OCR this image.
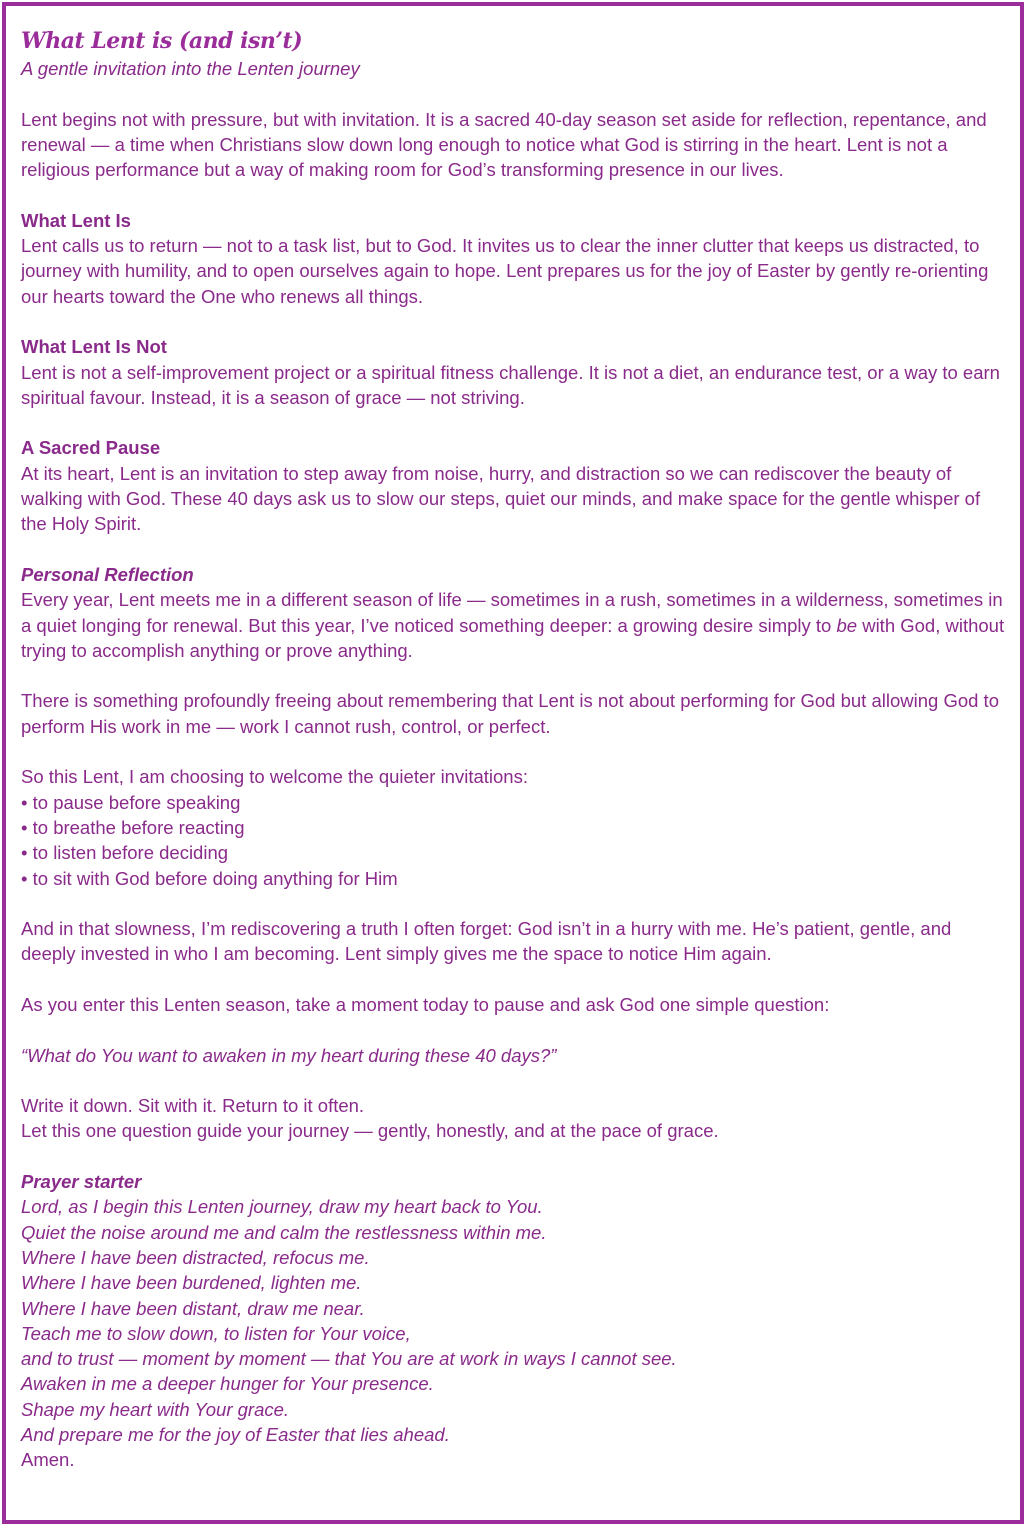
What Lent is (and isn’t)

A gentle invitation into the Lenten journey

Lent begins not with pressure, but with invitation. It is a sacred 40-day season set aside for reflection, repentance, and renewal — a time when Christians slow down long enough to notice what God is stirring in the heart. Lent is not a religious performance but a way of making room for God’s transforming presence in our lives.

What Lent Is

Lent calls us to return — not to a task list, but to God. It invites us to clear the inner clutter that keeps us distracted, to journey with humility, and to open ourselves again to hope. Lent prepares us for the joy of Easter by gently re-orienting our hearts toward the One who renews all things.

What Lent Is Not

Lent is not a self-improvement project or a spiritual fitness challenge. It is not a diet, an endurance test, or a way to earn spiritual favour. Instead, it is a season of grace — not striving.

A Sacred Pause

At its heart, Lent is an invitation to step away from noise, hurry, and distraction so we can rediscover the beauty of walking with God. These 40 days ask us to slow our steps, quiet our minds, and make space for the gentle whisper of the Holy Spirit.

Personal Reflection

Every year, Lent meets me in a different season of life — sometimes in a rush, sometimes in a wilderness, sometimes in a quiet longing for renewal. But this year, I’ve noticed something deeper: a growing desire simply to be with God, without trying to accomplish anything or prove anything.

There is something profoundly freeing about remembering that Lent is not about performing for God but allowing God to perform His work in me — work I cannot rush, control, or perfect.

So this Lent, I am choosing to welcome the quieter invitations:

• to pause before speaking
• to breathe before reacting
• to listen before deciding
• to sit with God before doing anything for Him

And in that slowness, I’m rediscovering a truth I often forget: God isn’t in a hurry with me. He’s patient, gentle, and deeply invested in who I am becoming. Lent simply gives me the space to notice Him again.

As you enter this Lenten season, take a moment today to pause and ask God one simple question:

“What do You want to awaken in my heart during these 40 days?”

Write it down. Sit with it. Return to it often.

Let this one question guide your journey — gently, honestly, and at the pace of grace.

Prayer starter

Lord, as I begin this Lenten journey, draw my heart back to You.

Quiet the noise around me and calm the restlessness within me.

Where I have been distracted, refocus me.

Where I have been burdened, lighten me.

Where I have been distant, draw me near.

Teach me to slow down, to listen for Your voice,

and to trust — moment by moment — that You are at work in ways I cannot see.

Awaken in me a deeper hunger for Your presence.

Shape my heart with Your grace.

And prepare me for the joy of Easter that lies ahead.

Amen.
